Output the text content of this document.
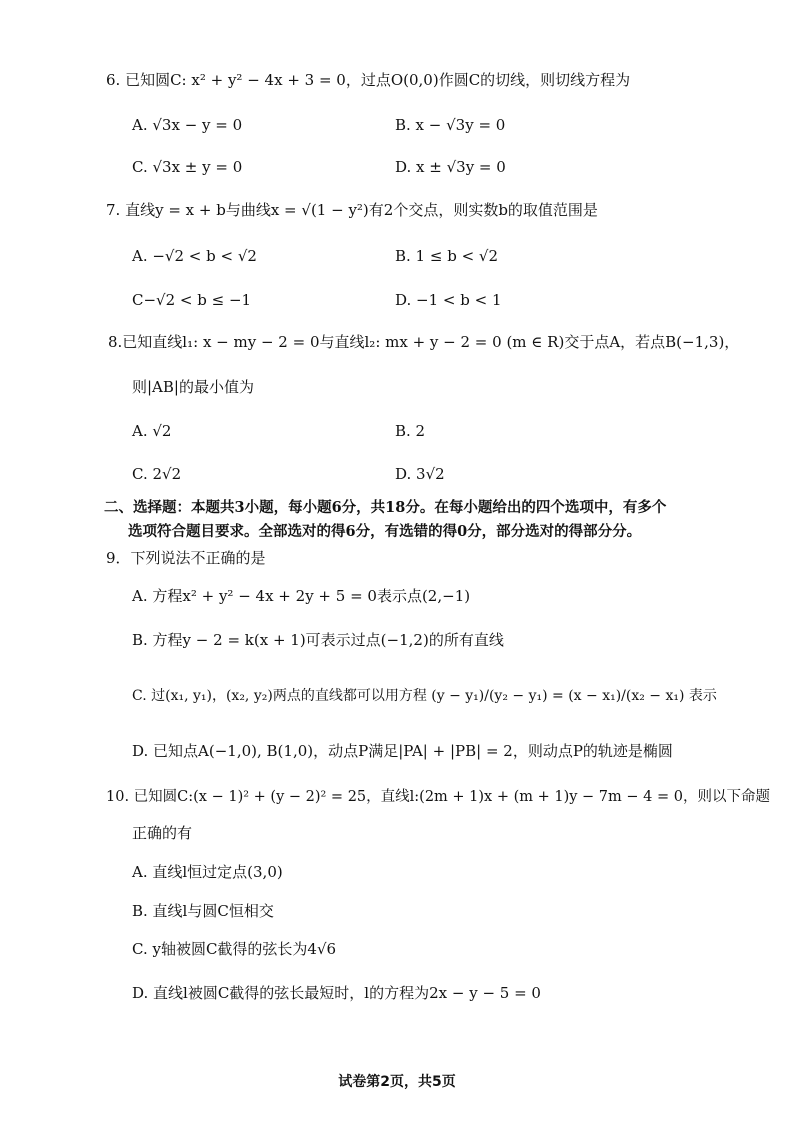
6. 已知圆C: x² + y² − 4x + 3 = 0，过点O(0,0)作圆C的切线，则切线方程为
A. √3x − y = 0	B. x − √3y = 0
C. √3x ± y = 0	D. x ± √3y = 0
7. 直线y = x + b与曲线x = √(1 − y²)有2个交点，则实数b的取值范围是
A. −√2 < b < √2	B. 1 ≤ b < √2
C−√2 < b ≤ −1	D. −1 < b < 1
8.已知直线l₁: x − my − 2 = 0与直线l₂: mx + y − 2 = 0 (m ∈ R)交于点A，若点B(−1,3)，
则|AB|的最小值为
A. √2	B. 2
C. 2√2	D. 3√2
二、选择题：本题共3小题，每小题6分，共18分。在每小题给出的四个选项中，有多个
选项符合题目要求。全部选对的得6分，有选错的得0分，部分选对的得部分分。
9．下列说法不正确的是
A. 方程x² + y² − 4x + 2y + 5 = 0表示点(2,−1)
B. 方程y − 2 = k(x + 1)可表示过点(−1,2)的所有直线
C. 过(x₁, y₁)，(x₂, y₂)两点的直线都可以用方程 (y − y₁)/(y₂ − y₁) = (x − x₁)/(x₂ − x₁) 表示
D. 已知点A(−1,0), B(1,0)，动点P满足|PA| + |PB| = 2，则动点P的轨迹是椭圆
10. 已知圆C:(x − 1)² + (y − 2)² = 25，直线l:(2m + 1)x + (m + 1)y − 7m − 4 = 0，则以下命题
正确的有
A. 直线l恒过定点(3,0)
B. 直线l与圆C恒相交
C. y轴被圆C截得的弦长为4√6
D. 直线l被圆C截得的弦长最短时，l的方程为2x − y − 5 = 0
试卷第2页，共5页
